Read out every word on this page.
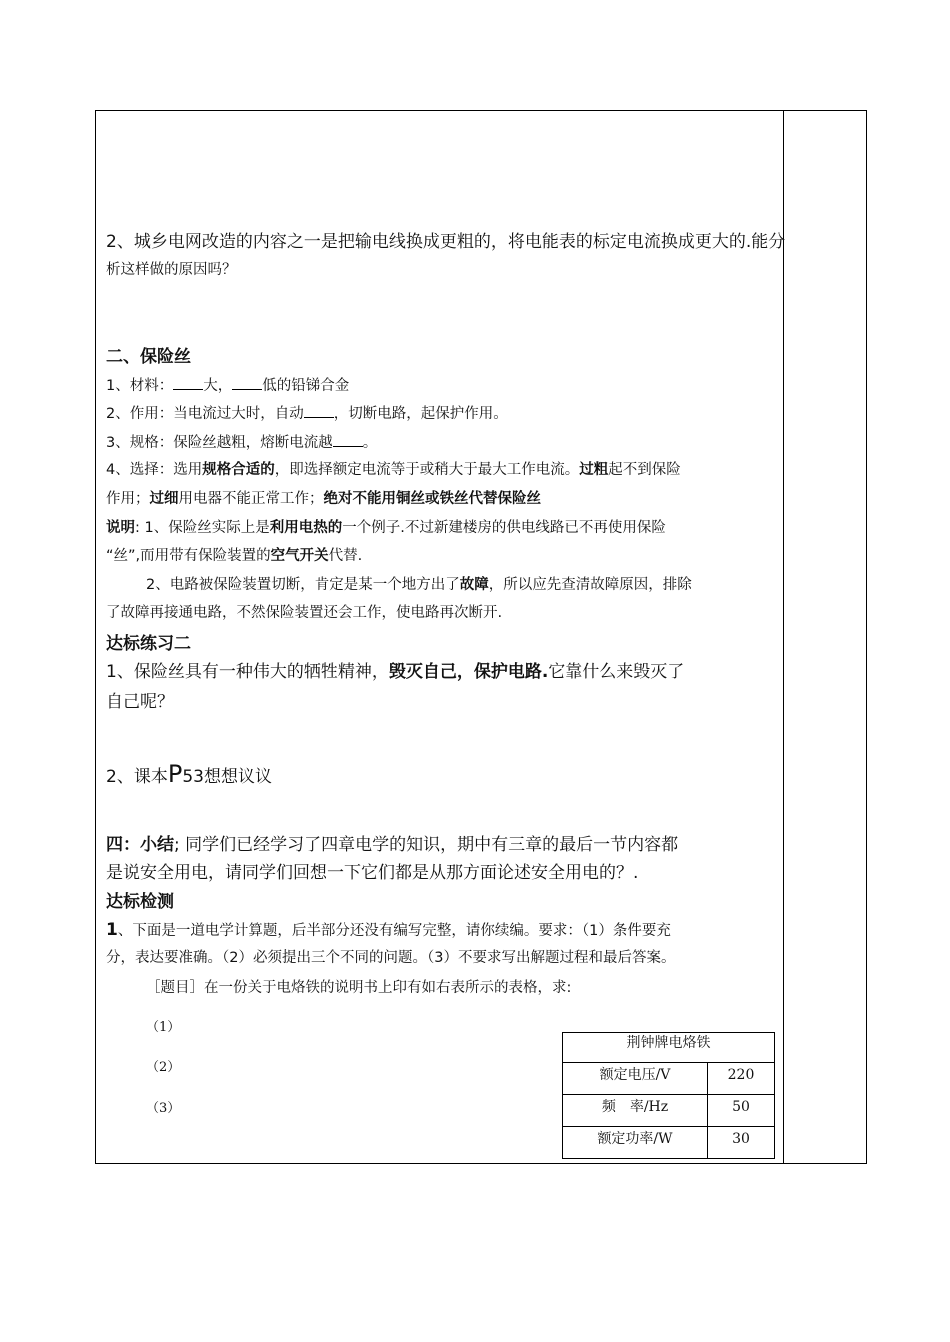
2、城乡电网改造的内容之一是把输电线换成更粗的，将电能表的标定电流换成更大的.能分
析这样做的原因吗？
二、保险丝
1、材料： 大， 低的铅锑合金
2、作用：当电流过大时，自动 ，切断电路，起保护作用。
3、规格：保险丝越粗，熔断电流越 。
4、选择：选用规格合适的，即选择额定电流等于或稍大于最大工作电流。过粗起不到保险
作用；过细用电器不能正常工作；绝对不能用铜丝或铁丝代替保险丝
说明: 1、保险丝实际上是利用电热的一个例子.不过新建楼房的供电线路已不再使用保险
“丝”,而用带有保险装置的空气开关代替.
2、电路被保险装置切断，肯定是某一个地方出了故障，所以应先查清故障原因，排除
了故障再接通电路，不然保险装置还会工作，使电路再次断开.
达标练习二
1、保险丝具有一种伟大的牺牲精神，毁灭自己，保护电路.它靠什么来毁灭了
自己呢？
2、课本P53想想议议
四：小结; 同学们已经学习了四章电学的知识，期中有三章的最后一节内容都
是说安全用电，请同学们回想一下它们都是从那方面论述安全用电的？.
达标检测
1、下面是一道电学计算题，后半部分还没有编写完整，请你续编。要求：（1）条件要充
分，表达要准确。（2）必须提出三个不同的问题。（3）不要求写出解题过程和最后答案。
［题目］在一份关于电烙铁的说明书上印有如右表所示的表格，求:
（1）
（2）
（3）
荆钟牌电烙铁
额定电压/V	220
频　率/Hz	50
额定功率/W	30
